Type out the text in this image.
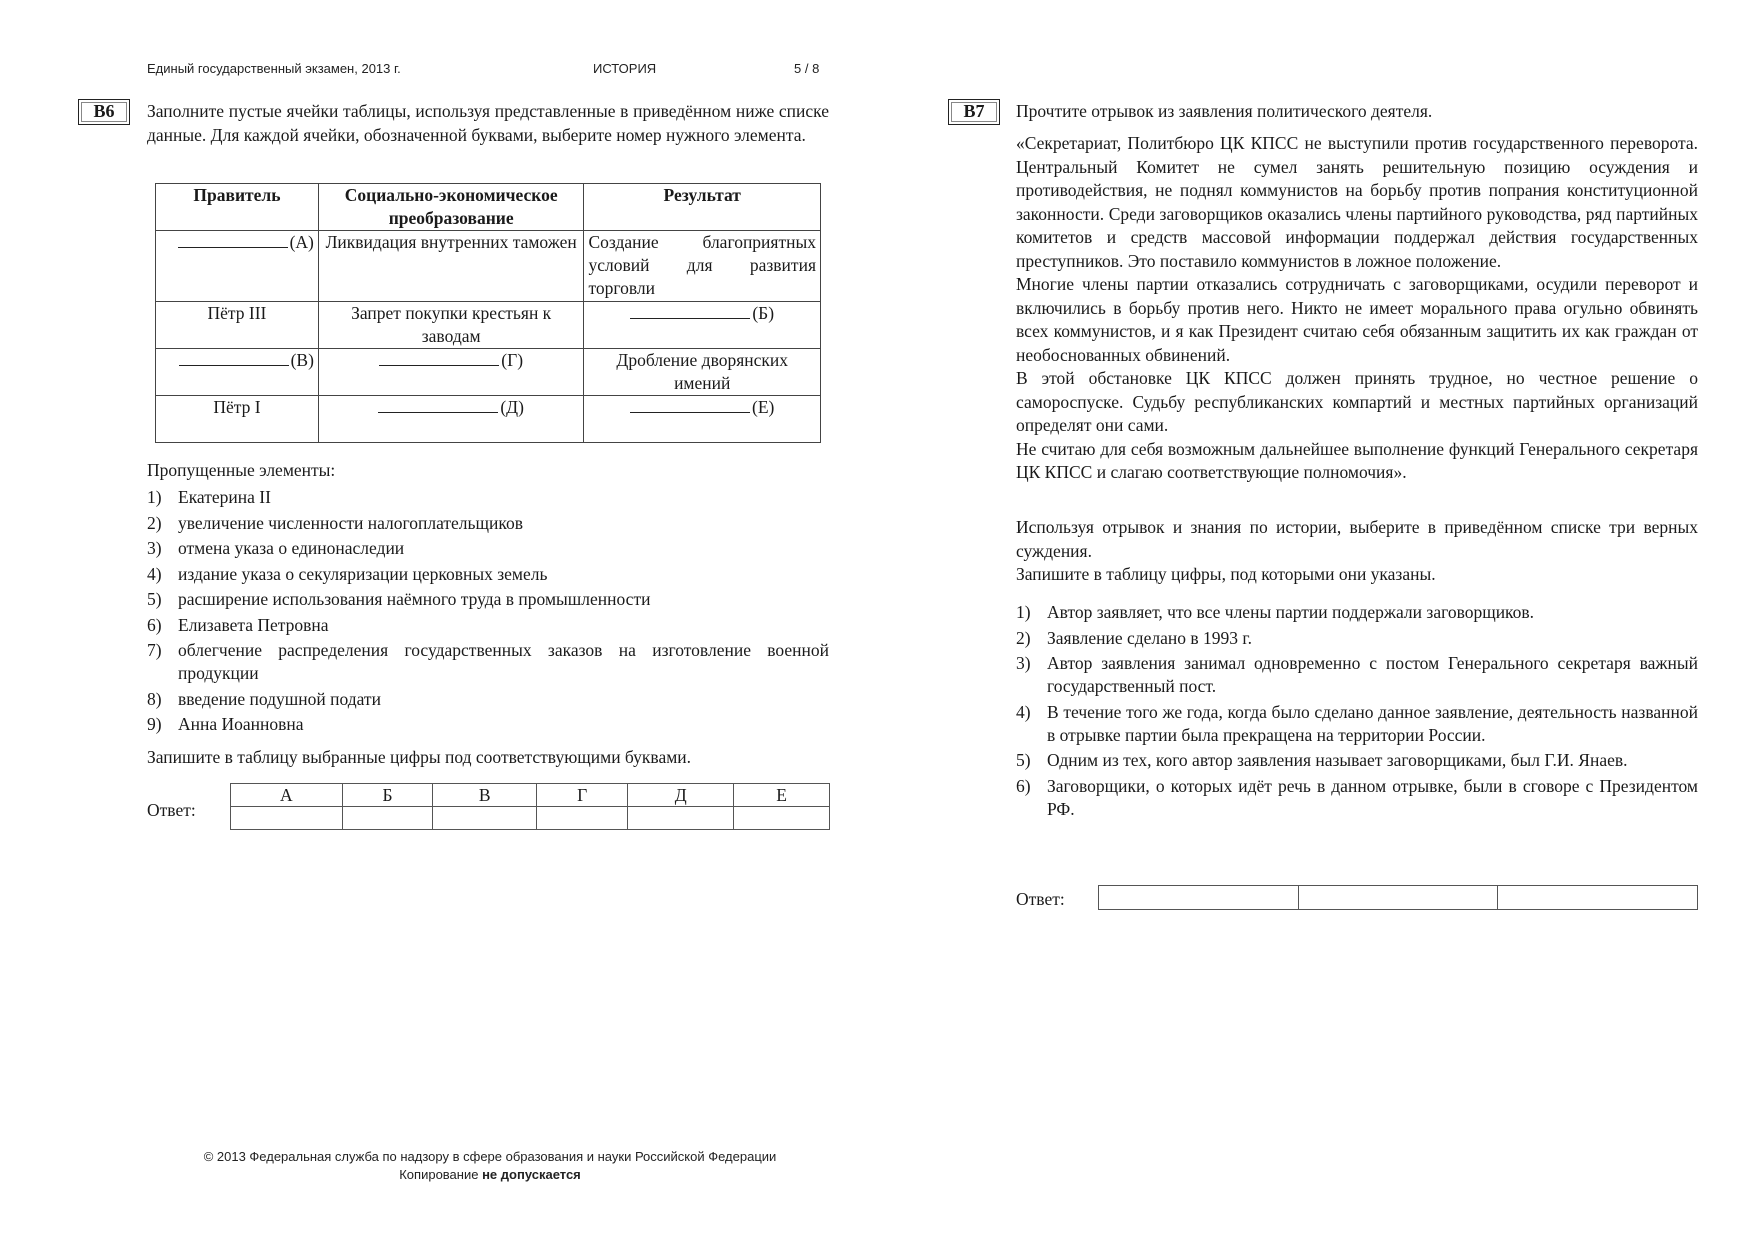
Единый государственный экзамен, 2013 г.	ИСТОРИЯ	5 / 8
В6	Заполните пустые ячейки таблицы, используя представленные в приведённом ниже списке данные. Для каждой ячейки, обозначенной буквами, выберите номер нужного элемента.
Правитель	Социально-экономическое преобразование	Результат
(А)	Ликвидация внутренних таможен	Создание благоприятных условий для развития торговли
Пётр III	Запрет покупки крестьян к заводам	(Б)
(В)	(Г)	Дробление дворянских имений
Пётр I	(Д)	(Е)
Пропущенные элементы:
1) Екатерина II
2) увеличение численности налогоплательщиков
3) отмена указа о единонаследии
4) издание указа о секуляризации церковных земель
5) расширение использования наёмного труда в промышленности
6) Елизавета Петровна
7) облегчение распределения государственных заказов на изготовление военной продукции
8) введение подушной подати
9) Анна Иоанновна
Запишите в таблицу выбранные цифры под соответствующими буквами.
Ответ:
А	Б	В	Г	Д	Е

В7	Прочтите отрывок из заявления политического деятеля.

«Секретариат, Политбюро ЦК КПСС не выступили против государственного переворота. Центральный Комитет не сумел занять решительную позицию осуждения и противодействия, не поднял коммунистов на борьбу против попрания конституционной законности. Среди заговорщиков оказались члены партийного руководства, ряд партийных комитетов и средств массовой информации поддержал действия государственных преступников. Это поставило коммунистов в ложное положение.

Многие члены партии отказались сотрудничать с заговорщиками, осудили переворот и включились в борьбу против него. Никто не имеет морального права огульно обвинять всех коммунистов, и я как Президент считаю себя обязанным защитить их как граждан от необоснованных обвинений.

В этой обстановке ЦК КПСС должен принять трудное, но честное решение о самороспуске. Судьбу республиканских компартий и местных партийных организаций определят они сами.

Не считаю для себя возможным дальнейшее выполнение функций Генерального секретаря ЦК КПСС и слагаю соответствующие полномочия».

Используя отрывок и знания по истории, выберите в приведённом списке три верных суждения.

Запишите в таблицу цифры, под которыми они указаны.

1) Автор заявляет, что все члены партии поддержали заговорщиков.
2) Заявление сделано в 1993 г.
3) Автор заявления занимал одновременно с постом Генерального секретаря важный государственный пост.
4) В течение того же года, когда было сделано данное заявление, деятельность названной в отрывке партии была прекращена на территории России.
5) Одним из тех, кого автор заявления называет заговорщиками, был Г.И. Янаев.
6) Заговорщики, о которых идёт речь в данном отрывке, были в сговоре с Президентом РФ.
Ответ:

© 2013 Федеральная служба по надзору в сфере образования и науки Российской Федерации
Копирование не допускается
